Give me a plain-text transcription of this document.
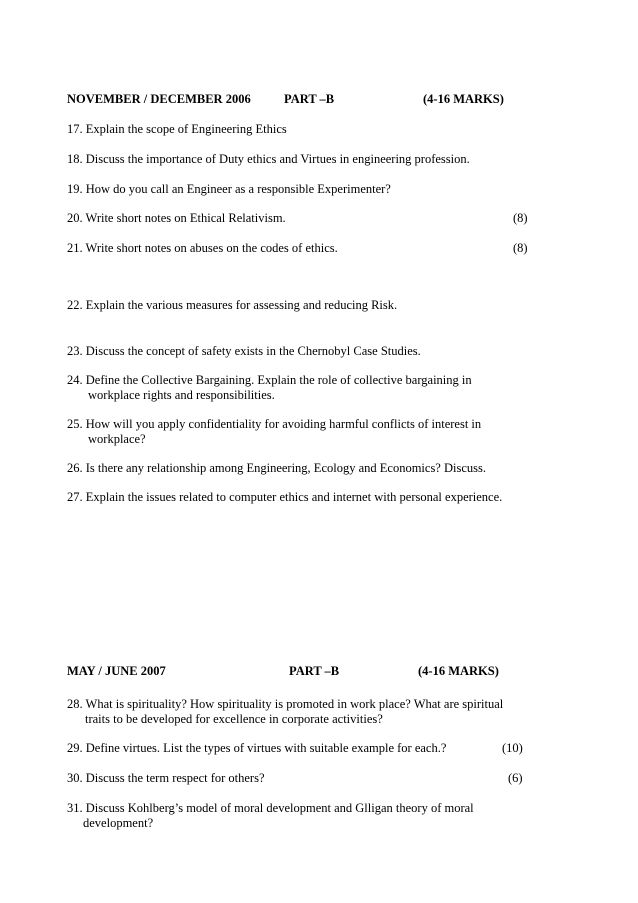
NOVEMBER / DECEMBER 2006	PART –B	(4-16 MARKS)
17. Explain the scope of Engineering Ethics
18. Discuss the importance of Duty ethics and Virtues in engineering profession.
19. How do you call an Engineer as a responsible Experimenter?
20. Write short notes on Ethical Relativism.	(8)
21. Write short notes on abuses on the codes of ethics.	(8)
22. Explain the various measures for assessing and reducing Risk.
23. Discuss the concept of safety exists in the Chernobyl Case Studies.
24. Define the Collective Bargaining. Explain the role of collective bargaining in
workplace rights and responsibilities.
25. How will you apply confidentiality for avoiding harmful conflicts of interest in
workplace?
26. Is there any relationship among Engineering, Ecology and Economics? Discuss.
27. Explain the issues related to computer ethics and internet with personal experience.
MAY / JUNE 2007	PART –B	(4-16 MARKS)
28. What is spirituality? How spirituality is promoted in work place? What are spiritual
traits to be developed for excellence in corporate activities?
29. Define virtues. List the types of virtues with suitable example for each.?	(10)
30. Discuss the term respect for others?	(6)
31. Discuss Kohlberg’s model of moral development and Glligan theory of moral
development?
